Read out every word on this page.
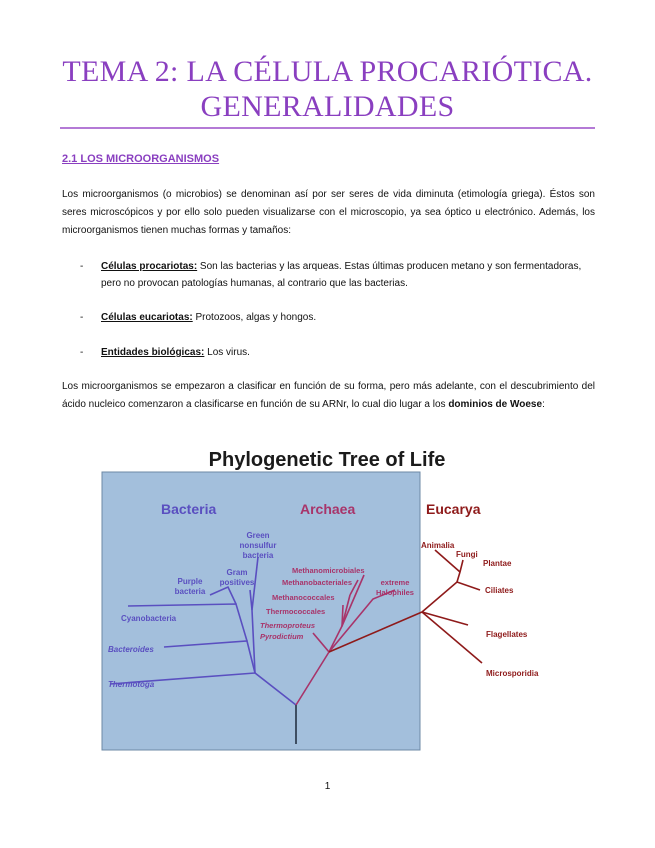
TEMA 2: LA CÉLULA PROCARIÓTICA.
GENERALIDADES
2.1 LOS MICROORGANISMOS
Los microorganismos (o microbios) se denominan así por ser seres de vida diminuta (etimología griega). Éstos son seres microscópicos y por ello solo pueden visualizarse con el microscopio, ya sea óptico u electrónico. Además, los microorganismos tienen muchas formas y tamaños:
- Células procariotas: Son las bacterias y las arqueas. Estas últimas producen metano y son fermentadoras, pero no provocan patologías humanas, al contrario que las bacterias.
- Células eucariotas: Protozoos, algas y hongos.
- Entidades biológicas: Los virus.
Los microorganismos se empezaron a clasificar en función de su forma, pero más adelante, con el descubrimiento del ácido nucleico comenzaron a clasificarse en función de su ARNr, lo cual dio lugar a los dominios de Woese:
Phylogenetic Tree of Life
Bacteria	Archaea	Eucarya
Green
nonsulfur
bacteria
Gram
positives
Purple
bacteria
Cyanobacteria
Bacteroides
Thermotoga
Methanomicrobiales
Methanobacteriales
Methanococcales
Thermococcales
Thermoproteus
Pyrodictium
extreme
Halophiles
Animalia
Fungi
Plantae
Ciliates
Flagellates
Microsporidia
1
